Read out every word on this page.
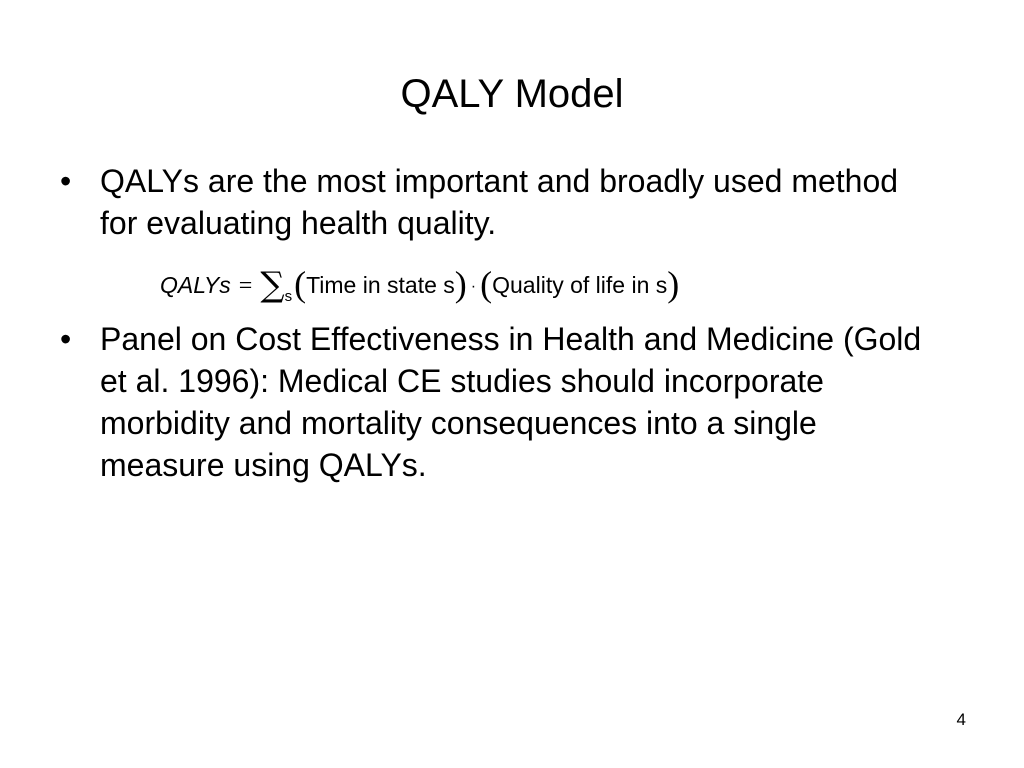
QALY Model
• QALYs are the most important and broadly used method for evaluating health quality.
QALYs = ∑s(Time in state s) · (Quality of life in s)
• Panel on Cost Effectiveness in Health and Medicine (Gold et al. 1996): Medical CE studies should incorporate morbidity and mortality consequences into a single measure using QALYs.
4
